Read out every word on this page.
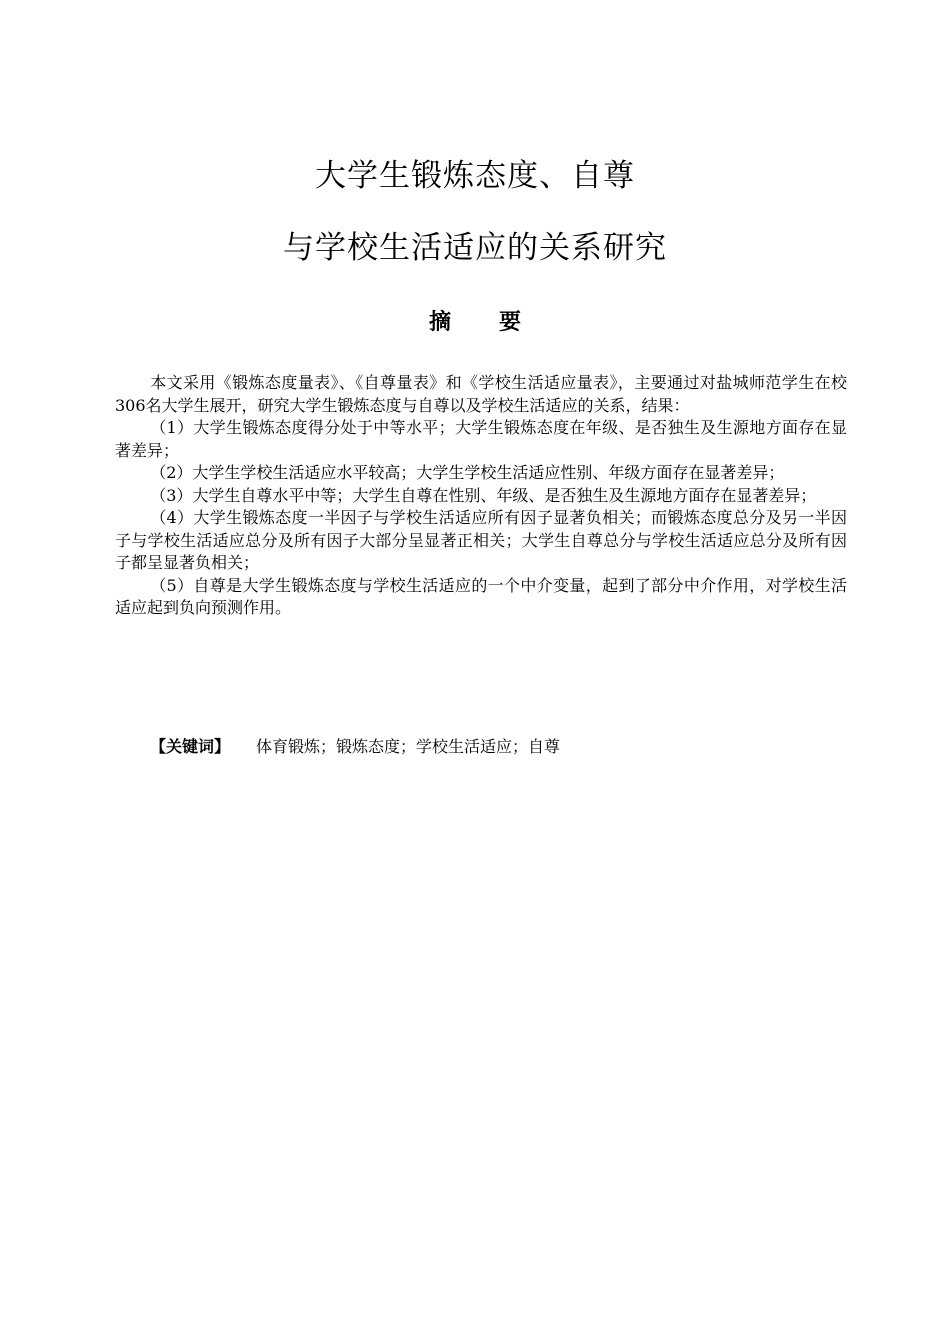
大学生锻炼态度、自尊
与学校生活适应的关系研究
摘 要

本文采用《锻炼态度量表》、《自尊量表》和《学校生活适应量表》，主要通过对盐城师范学生在校306名大学生展开，研究大学生锻炼态度与自尊以及学校生活适应的关系，结果：

（1）大学生锻炼态度得分处于中等水平；大学生锻炼态度在年级、是否独生及生源地方面存在显著差异；

（2）大学生学校生活适应水平较高；大学生学校生活适应性别、年级方面存在显著差异；

（3）大学生自尊水平中等；大学生自尊在性别、年级、是否独生及生源地方面存在显著差异；

（4）大学生锻炼态度一半因子与学校生活适应所有因子显著负相关；而锻炼态度总分及另一半因子与学校生活适应总分及所有因子大部分呈显著正相关；大学生自尊总分与学校生活适应总分及所有因子都呈显著负相关；

（5）自尊是大学生锻炼态度与学校生活适应的一个中介变量，起到了部分中介作用，对学校生活适应起到负向预测作用。

【关键词】 体育锻炼；锻炼态度；学校生活适应；自尊
